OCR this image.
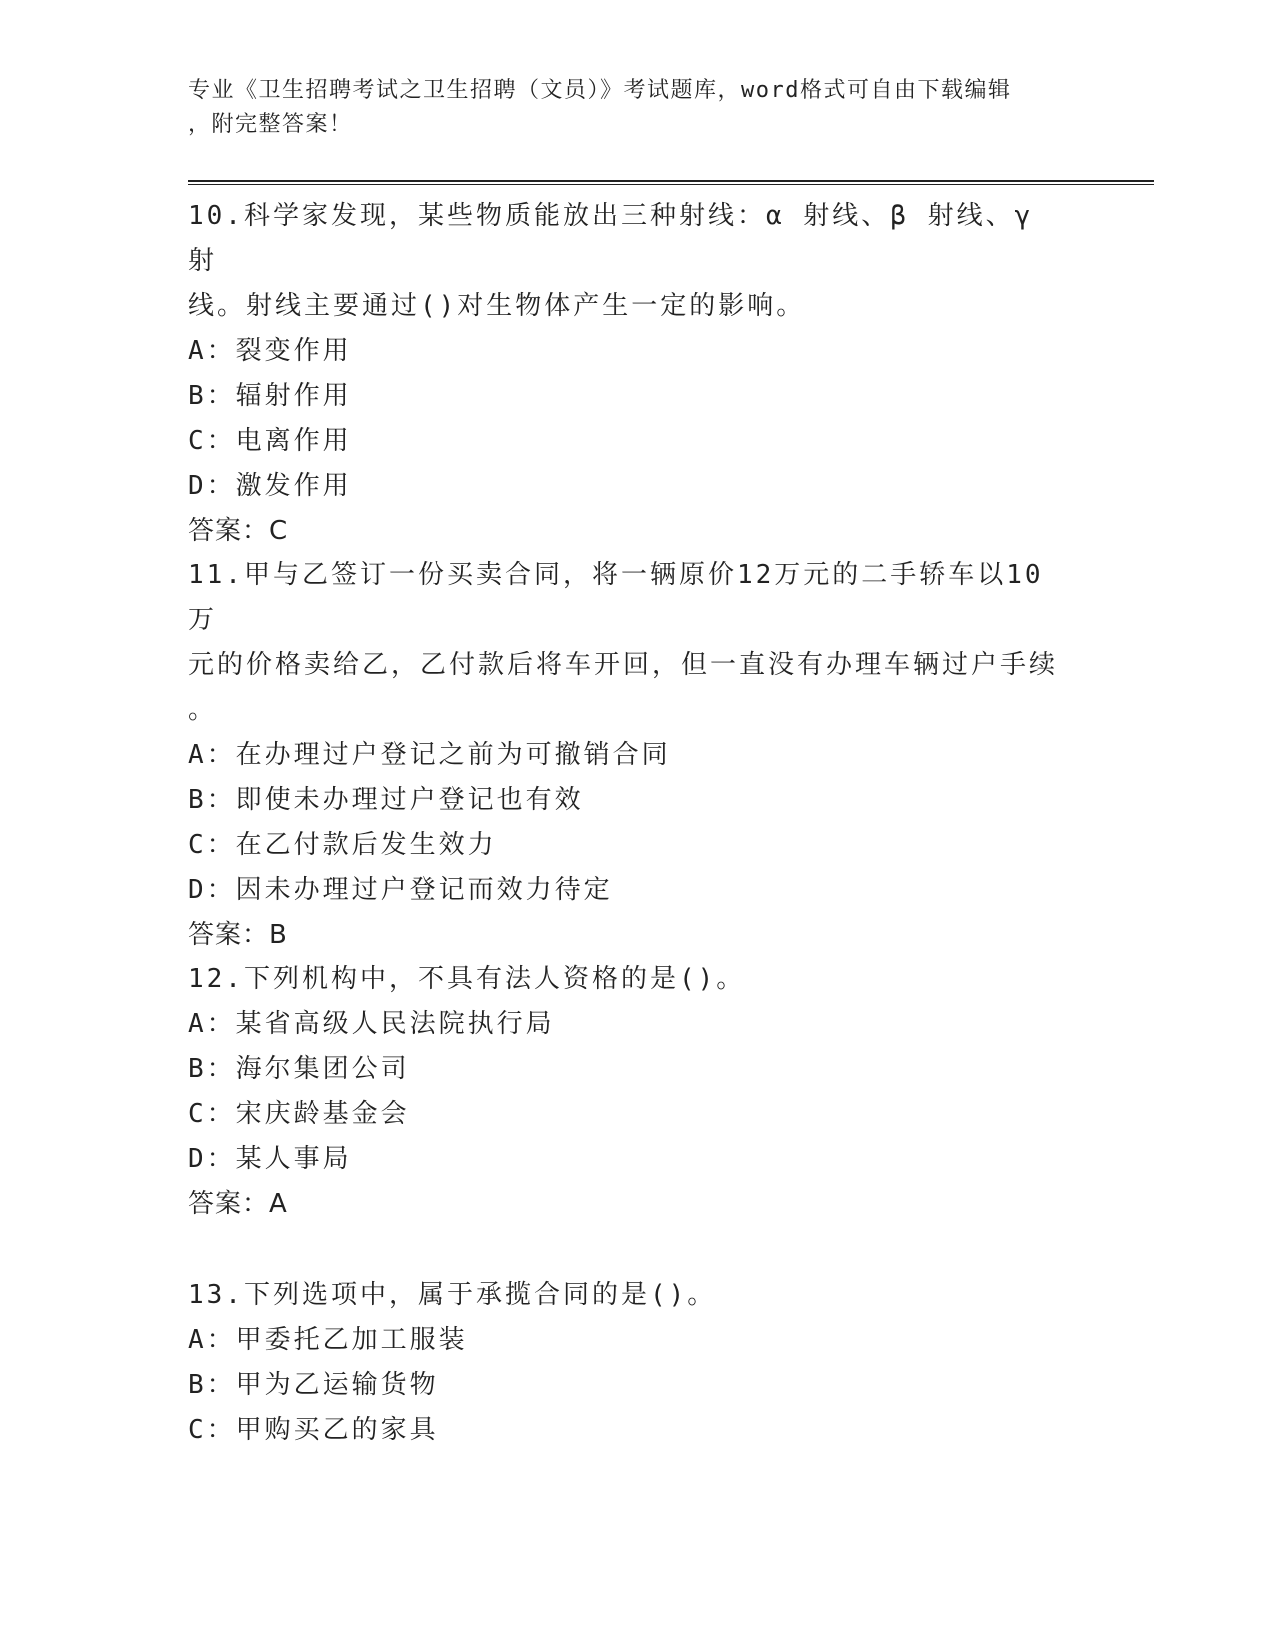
专业《卫生招聘考试之卫生招聘（文员）》考试题库，word格式可自由下载编辑

，附完整答案！

10.科学家发现，某些物质能放出三种射线：α 射线、β 射线、γ 射

线。射线主要通过()对生物体产生一定的影响。

A：裂变作用

B：辐射作用

C：电离作用

D：激发作用

答案：C

11.甲与乙签订一份买卖合同，将一辆原价12万元的二手轿车以10万

元的价格卖给乙，乙付款后将车开回，但一直没有办理车辆过户手续

。

A：在办理过户登记之前为可撤销合同

B：即使未办理过户登记也有效

C：在乙付款后发生效力

D：因未办理过户登记而效力待定

答案：B

12.下列机构中，不具有法人资格的是()。

A：某省高级人民法院执行局

B：海尔集团公司

C：宋庆龄基金会

D：某人事局

答案：A

13.下列选项中，属于承揽合同的是()。

A：甲委托乙加工服装

B：甲为乙运输货物

C：甲购买乙的家具
